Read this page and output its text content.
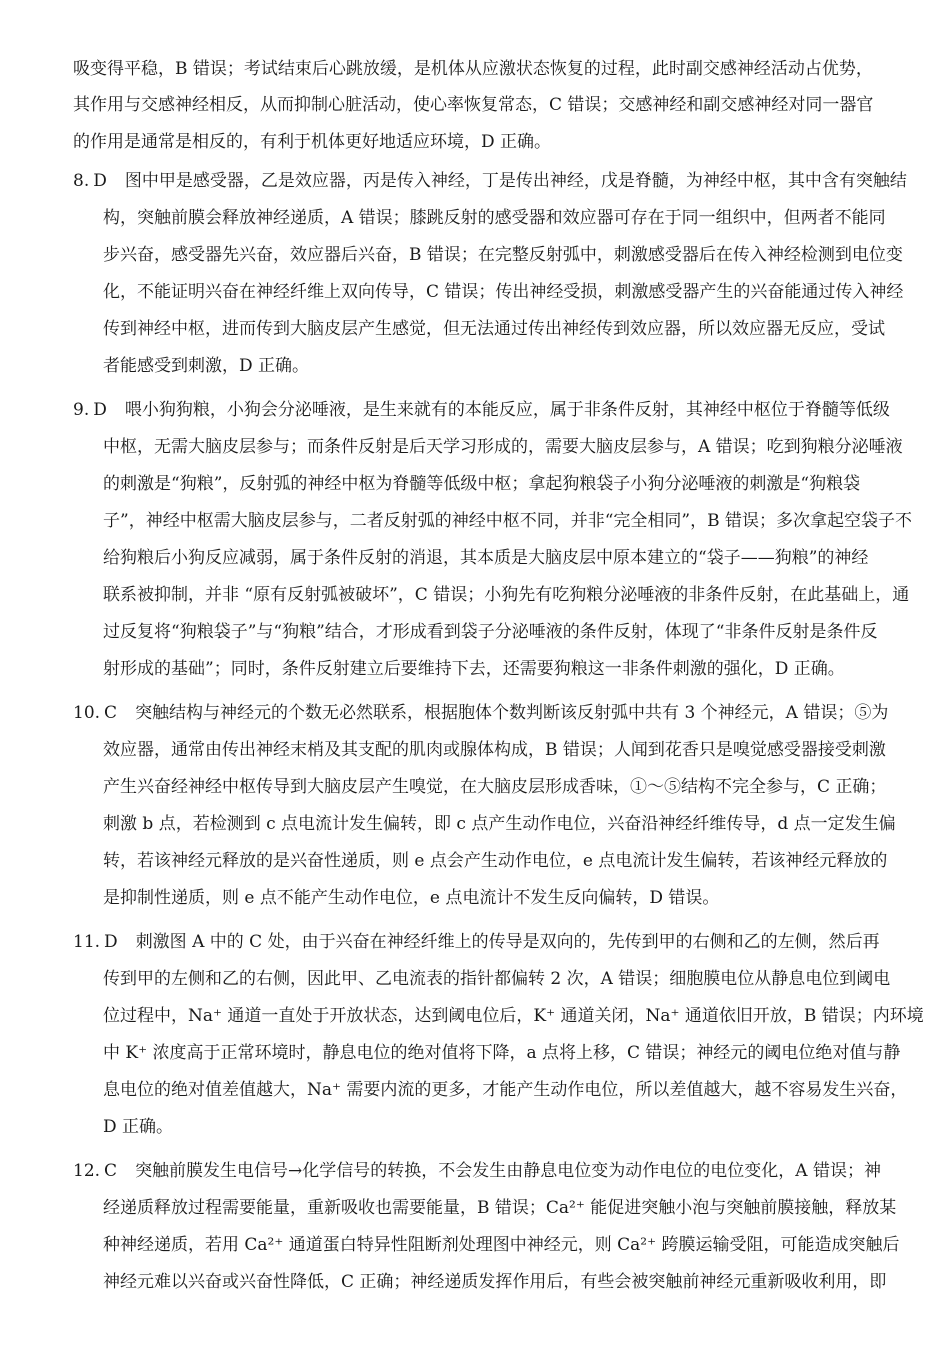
吸变得平稳，B 错误；考试结束后心跳放缓，是机体从应激状态恢复的过程，此时副交感神经活动占优势，
其作用与交感神经相反，从而抑制心脏活动，使心率恢复常态，C 错误；交感神经和副交感神经对同一器官
的作用是通常是相反的，有利于机体更好地适应环境，D 正确。
8. D 图中甲是感受器，乙是效应器，丙是传入神经，丁是传出神经，戊是脊髓，为神经中枢，其中含有突触结
构，突触前膜会释放神经递质，A 错误；膝跳反射的感受器和效应器可存在于同一组织中，但两者不能同
步兴奋，感受器先兴奋，效应器后兴奋，B 错误；在完整反射弧中，刺激感受器后在传入神经检测到电位变
化，不能证明兴奋在神经纤维上双向传导，C 错误；传出神经受损，刺激感受器产生的兴奋能通过传入神经
传到神经中枢，进而传到大脑皮层产生感觉，但无法通过传出神经传到效应器，所以效应器无反应，受试
者能感受到刺激，D 正确。
9. D 喂小狗狗粮，小狗会分泌唾液，是生来就有的本能反应，属于非条件反射，其神经中枢位于脊髓等低级
中枢，无需大脑皮层参与；而条件反射是后天学习形成的，需要大脑皮层参与，A 错误；吃到狗粮分泌唾液
的刺激是“狗粮”，反射弧的神经中枢为脊髓等低级中枢；拿起狗粮袋子小狗分泌唾液的刺激是“狗粮袋
子”，神经中枢需大脑皮层参与，二者反射弧的神经中枢不同，并非“完全相同”，B 错误；多次拿起空袋子不
给狗粮后小狗反应减弱，属于条件反射的消退，其本质是大脑皮层中原本建立的“袋子——狗粮”的神经
联系被抑制，并非 “原有反射弧被破坏”，C 错误；小狗先有吃狗粮分泌唾液的非条件反射，在此基础上，通
过反复将“狗粮袋子”与“狗粮”结合，才形成看到袋子分泌唾液的条件反射，体现了“非条件反射是条件反
射形成的基础”；同时，条件反射建立后要维持下去，还需要狗粮这一非条件刺激的强化，D 正确。
10. C 突触结构与神经元的个数无必然联系，根据胞体个数判断该反射弧中共有 3 个神经元，A 错误；⑤为
效应器，通常由传出神经末梢及其支配的肌肉或腺体构成，B 错误；人闻到花香只是嗅觉感受器接受刺激
产生兴奋经神经中枢传导到大脑皮层产生嗅觉，在大脑皮层形成香味，①～⑤结构不完全参与，C 正确；
刺激 b 点，若检测到 c 点电流计发生偏转，即 c 点产生动作电位，兴奋沿神经纤维传导，d 点一定发生偏
转，若该神经元释放的是兴奋性递质，则 e 点会产生动作电位，e 点电流计发生偏转，若该神经元释放的
是抑制性递质，则 e 点不能产生动作电位，e 点电流计不发生反向偏转，D 错误。
11. D 刺激图 A 中的 C 处，由于兴奋在神经纤维上的传导是双向的，先传到甲的右侧和乙的左侧，然后再
传到甲的左侧和乙的右侧，因此甲、乙电流表的指针都偏转 2 次，A 错误；细胞膜电位从静息电位到阈电
位过程中，Na⁺ 通道一直处于开放状态，达到阈电位后，K⁺ 通道关闭，Na⁺ 通道依旧开放，B 错误；内环境
中 K⁺ 浓度高于正常环境时，静息电位的绝对值将下降，a 点将上移，C 错误；神经元的阈电位绝对值与静
息电位的绝对值差值越大，Na⁺ 需要内流的更多，才能产生动作电位，所以差值越大，越不容易发生兴奋，
D 正确。
12. C 突触前膜发生电信号→化学信号的转换，不会发生由静息电位变为动作电位的电位变化，A 错误；神
经递质释放过程需要能量，重新吸收也需要能量，B 错误；Ca²⁺ 能促进突触小泡与突触前膜接触，释放某
种神经递质，若用 Ca²⁺ 通道蛋白特异性阻断剂处理图中神经元，则 Ca²⁺ 跨膜运输受阻，可能造成突触后
神经元难以兴奋或兴奋性降低，C 正确；神经递质发挥作用后，有些会被突触前神经元重新吸收利用，即
